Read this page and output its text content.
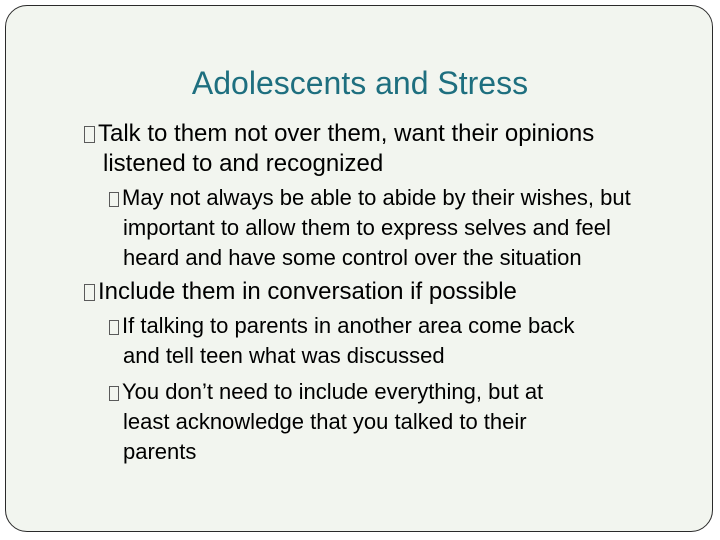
Adolescents and Stress
Talk to them not over them, want their opinions
listened to and recognized
May not always be able to abide by their wishes, but
important to allow them to express selves and feel
heard and have some control over the situation
Include them in conversation if possible
If talking to parents in another area come back
and tell teen what was discussed
You don’t need to include everything, but at
least acknowledge that you talked to their
parents
